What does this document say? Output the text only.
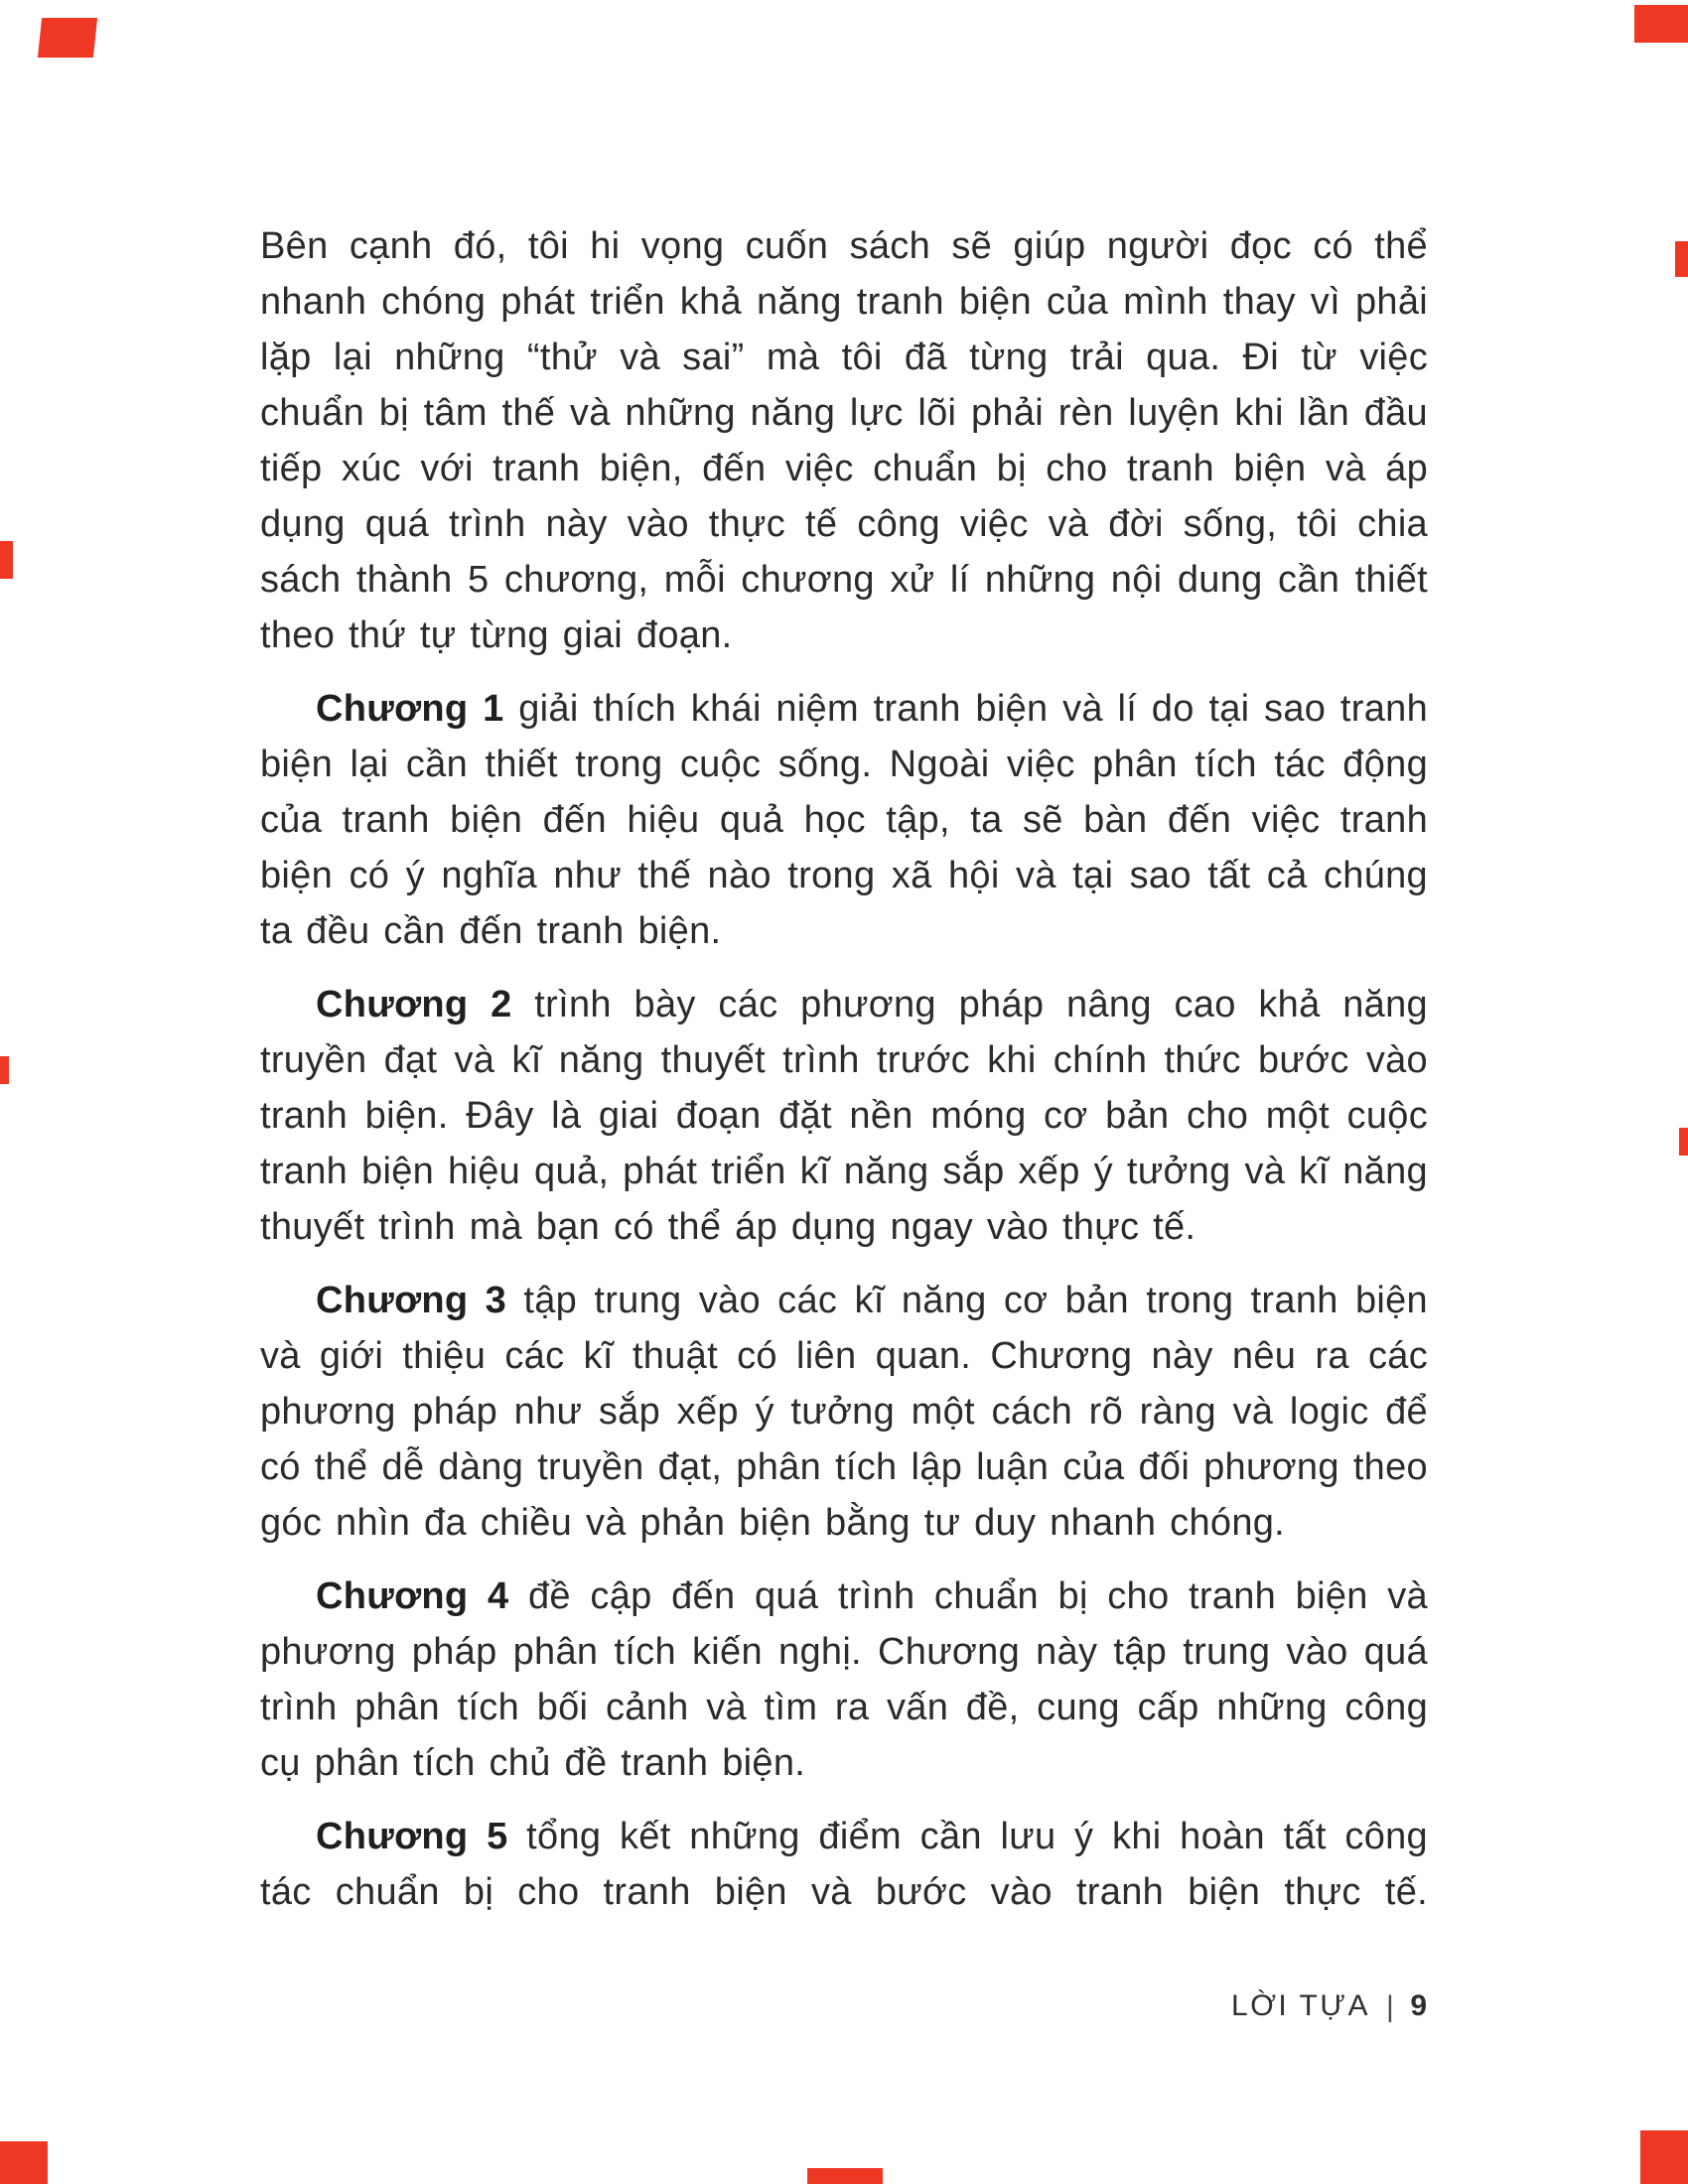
Bên cạnh đó, tôi hi vọng cuốn sách sẽ giúp người đọc có thể nhanh chóng phát triển khả năng tranh biện của mình thay vì phải lặp lại những “thử và sai” mà tôi đã từng trải qua. Đi từ việc chuẩn bị tâm thế và những năng lực lõi phải rèn luyện khi lần đầu tiếp xúc với tranh biện, đến việc chuẩn bị cho tranh biện và áp dụng quá trình này vào thực tế công việc và đời sống, tôi chia sách thành 5 chương, mỗi chương xử lí những nội dung cần thiết theo thứ tự từng giai đoạn.

Chương 1 giải thích khái niệm tranh biện và lí do tại sao tranh biện lại cần thiết trong cuộc sống. Ngoài việc phân tích tác động của tranh biện đến hiệu quả học tập, ta sẽ bàn đến việc tranh biện có ý nghĩa như thế nào trong xã hội và tại sao tất cả chúng ta đều cần đến tranh biện.

Chương 2 trình bày các phương pháp nâng cao khả năng truyền đạt và kĩ năng thuyết trình trước khi chính thức bước vào tranh biện. Đây là giai đoạn đặt nền móng cơ bản cho một cuộc tranh biện hiệu quả, phát triển kĩ năng sắp xếp ý tưởng và kĩ năng thuyết trình mà bạn có thể áp dụng ngay vào thực tế.

Chương 3 tập trung vào các kĩ năng cơ bản trong tranh biện và giới thiệu các kĩ thuật có liên quan. Chương này nêu ra các phương pháp như sắp xếp ý tưởng một cách rõ ràng và logic để có thể dễ dàng truyền đạt, phân tích lập luận của đối phương theo góc nhìn đa chiều và phản biện bằng tư duy nhanh chóng.

Chương 4 đề cập đến quá trình chuẩn bị cho tranh biện và phương pháp phân tích kiến nghị. Chương này tập trung vào quá trình phân tích bối cảnh và tìm ra vấn đề, cung cấp những công cụ phân tích chủ đề tranh biện.

Chương 5 tổng kết những điểm cần lưu ý khi hoàn tất công tác chuẩn bị cho tranh biện và bước vào tranh biện thực tế.

LỜI TỰA | 9
